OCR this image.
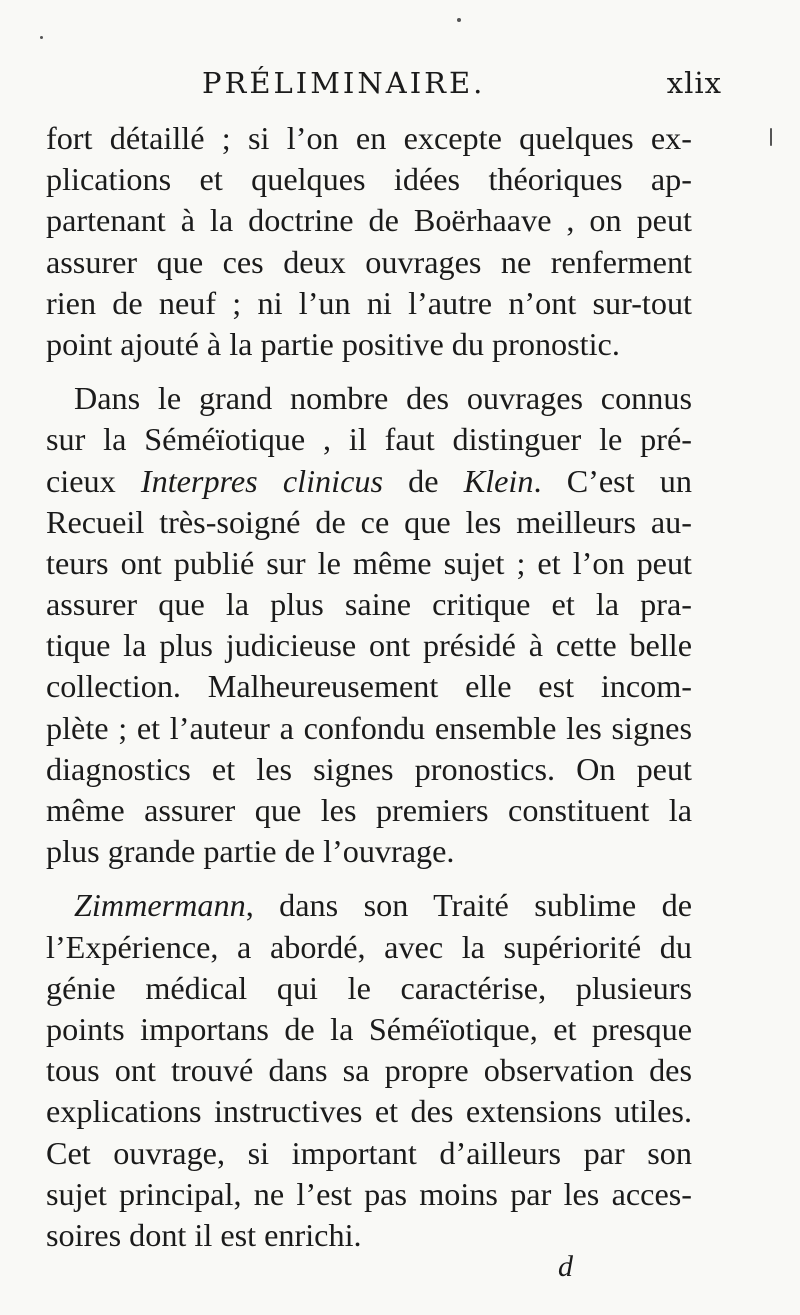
PRÉLIMINAIRE.	xlix
fort détaillé ; si l’on en excepte quelques ex-
plications et quelques idées théoriques ap-
partenant à la doctrine de Boërhaave , on peut
assurer que ces deux ouvrages ne renferment
rien de neuf ; ni l’un ni l’autre n’ont sur-tout
point ajouté à la partie positive du pronostic.
Dans le grand nombre des ouvrages connus
sur la Séméïotique , il faut distinguer le pré-
cieux Interpres clinicus de Klein. C’est un
Recueil très-soigné de ce que les meilleurs au-
teurs ont publié sur le même sujet ; et l’on peut
assurer que la plus saine critique et la pra-
tique la plus judicieuse ont présidé à cette belle
collection. Malheureusement elle est incom-
plète ; et l’auteur a confondu ensemble les signes
diagnostics et les signes pronostics. On peut
même assurer que les premiers constituent la
plus grande partie de l’ouvrage.
Zimmermann, dans son Traité sublime de
l’Expérience, a abordé, avec la supériorité du
génie médical qui le caractérise, plusieurs
points importans de la Séméïotique, et presque
tous ont trouvé dans sa propre observation des
explications instructives et des extensions utiles.
Cet ouvrage, si important d’ailleurs par son
sujet principal, ne l’est pas moins par les acces-
soires dont il est enrichi.
d
